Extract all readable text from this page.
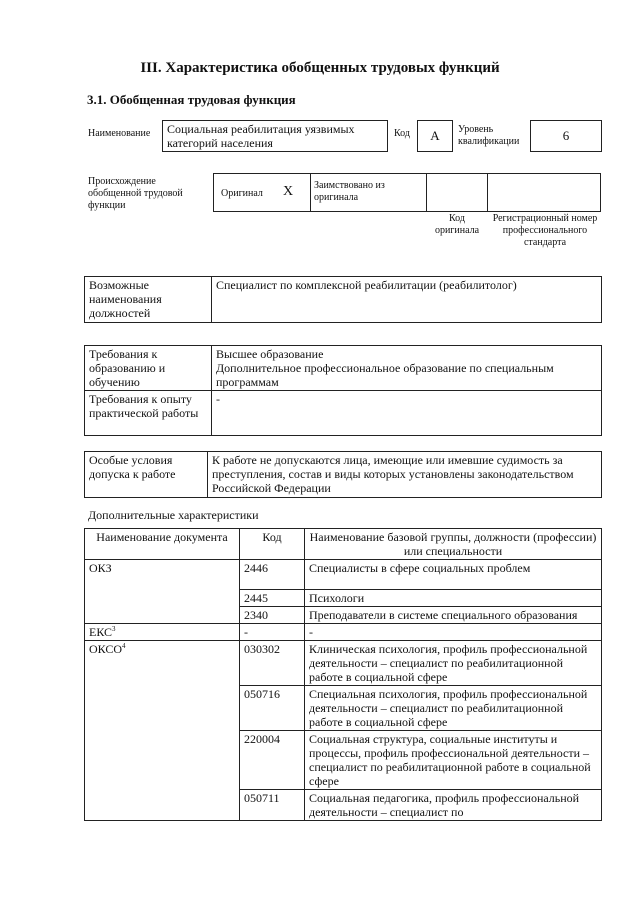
III. Характеристика обобщенных трудовых функций
3.1. Обобщенная трудовая функция
Наименование	Социальная реабилитация уязвимых категорий населения
Код	A	Уровень квалификации	6
Происхождение обобщенной трудовой функции
Оригинал X Заимствовано из оригинала
Код оригинала
Регистрационный номер профессионального стандарта
Возможные наименования должностей	Специалист по комплексной реабилитации (реабилитолог)
Требования к образованию и обучению	Высшее образование
Дополнительное профессиональное образование по специальным программам

Требования к опыту практической работы	-
Особые условия допуска к работе	К работе не допускаются лица, имеющие или имевшие судимость за преступления, состав и виды которых установлены законодательством Российской Федерации
Дополнительные характеристики
Наименование документа	Код	Наименование базовой группы, должности (профессии) или специальности
ОКЗ	2446	Специалисты в сфере социальных проблем
	2445	Психологи
	2340	Преподаватели в системе специального образования
ЕКС$^3$	-	-
ОКСО$^4$	030302	Клиническая психология, профиль профессиональной деятельности – специалист по реабилитационной работе в социальной сфере
	050716	Специальная психология, профиль профессиональной деятельности – специалист по реабилитационной работе в социальной сфере
	220004	Социальная структура, социальные институты и процессы, профиль профессиональной деятельности – специалист по реабилитационной работе в социальной сфере
	050711	Социальная педагогика, профиль профессиональной деятельности – специалист по
